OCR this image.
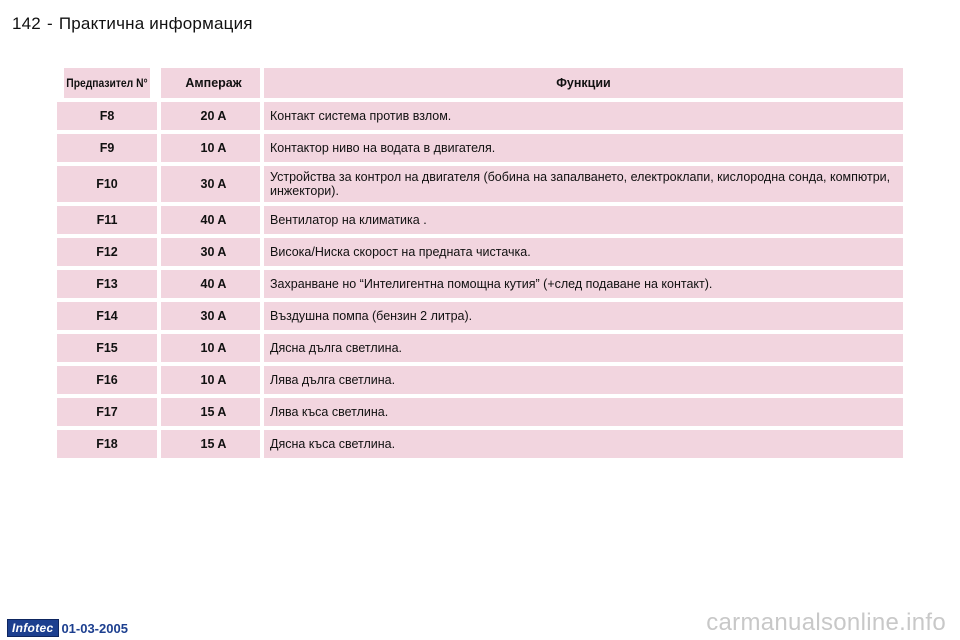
142 - Практична информация
Предпазител N°	Ампераж	Функции
F8	20 A	Контакт система против взлом.
F9	10 A	Контактор ниво на водата в двигателя.
F10	30 A	Устройства за контрол на двигателя (бобина на запалването, електроклапи, кислородна сонда, компютри, инжектори).
F11	40 A	Вентилатор на климатика .
F12	30 A	Висока/Ниска скорост на предната чистачка.
F13	40 A	Захранване но “Интелигентна помощна кутия” (+след подаване на контакт).
F14	30 A	Въздушна помпа (бензин 2 литра).
F15	10 A	Дясна дълга светлина.
F16	10 A	Лява дълга светлина.
F17	15 A	Лява къса светлина.
F18	15 A	Дясна къса светлина.
Infotec 01-03-2005	carmanualsonline.info
